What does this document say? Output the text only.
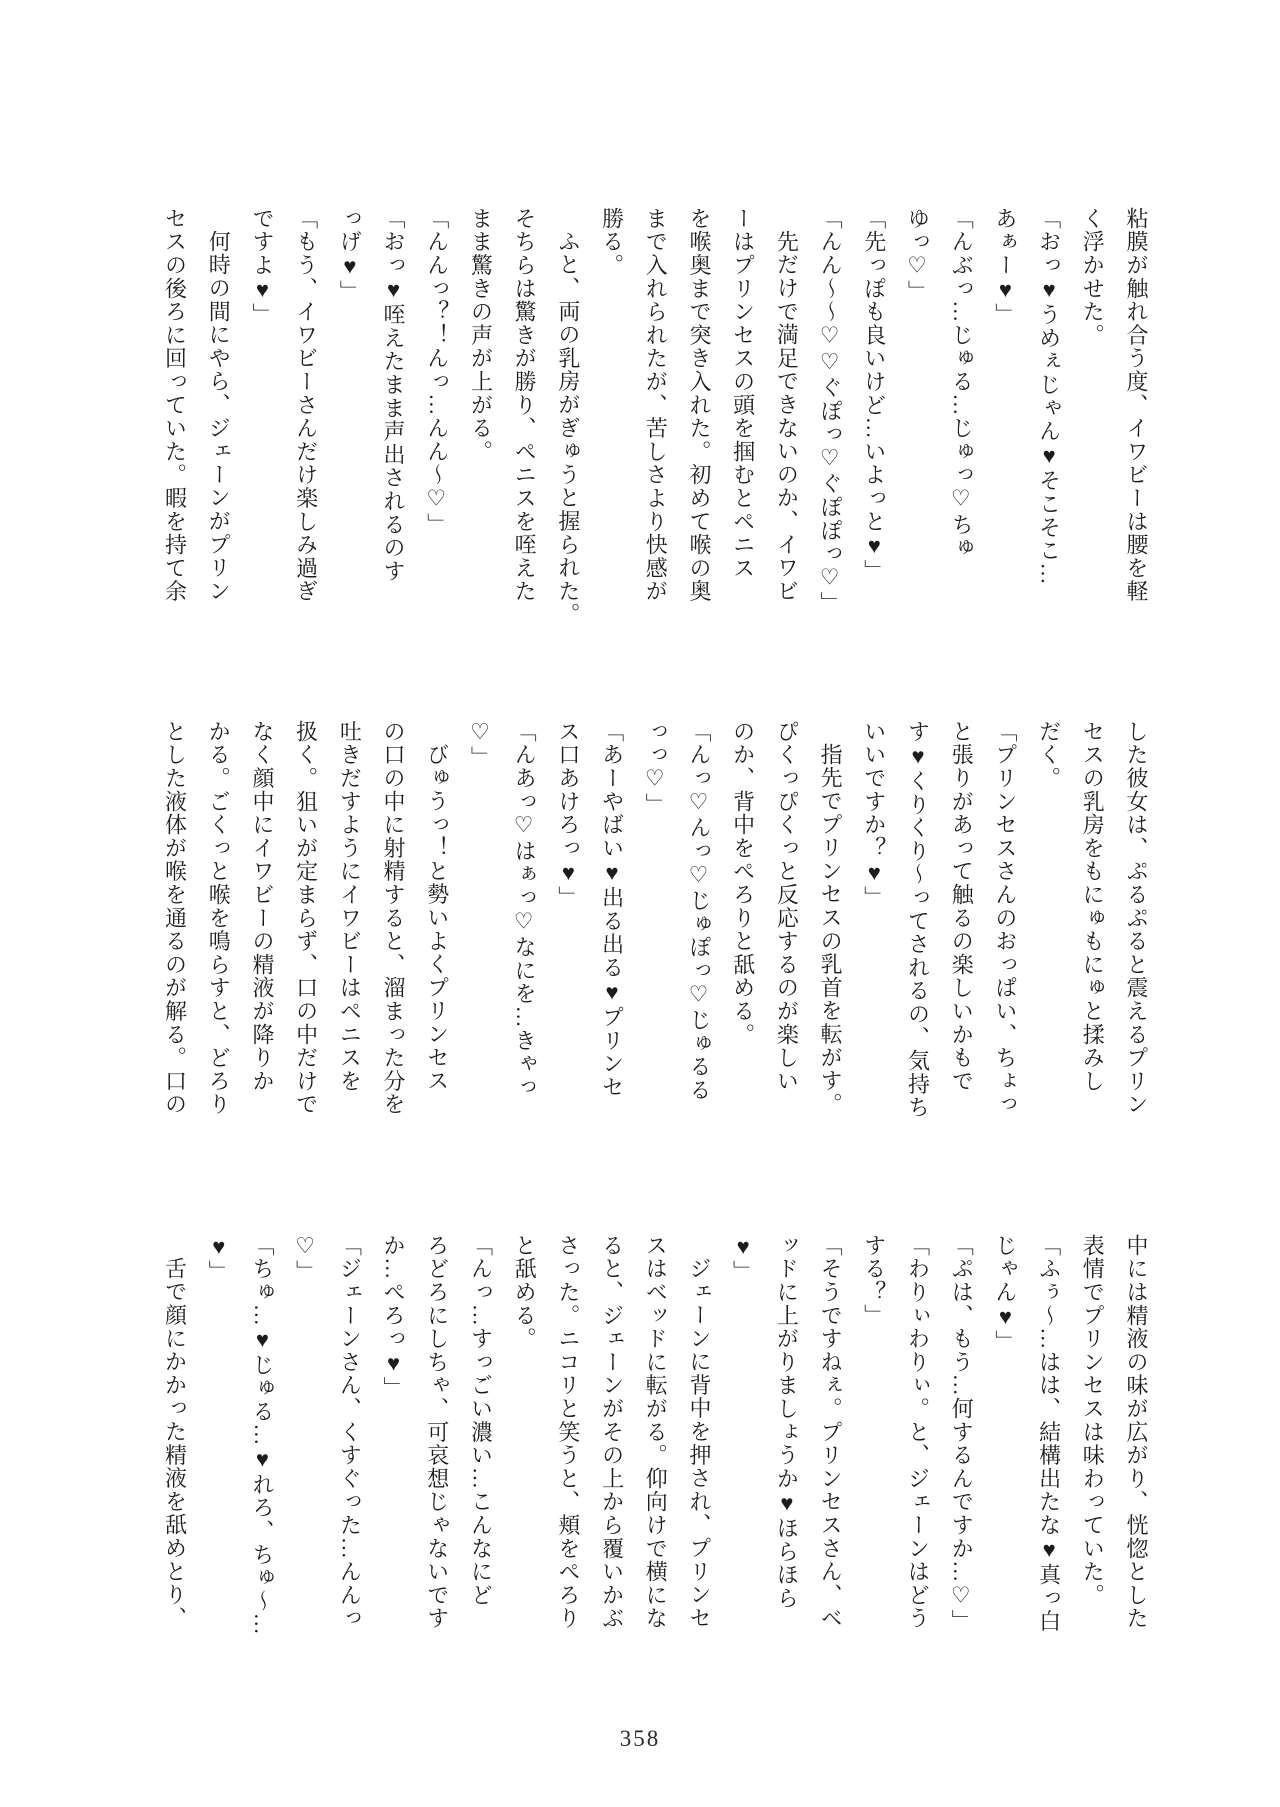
粘膜が触れ合う度、イワビーは腰を軽
く浮かせた。
「おっ♥うめぇじゃん♥そこそこ…
あぁー♥」
「んぶっ…じゅる…じゅっ♡ちゅ
ゆっ♡」
「先っぽも良いけど…いよっと♥」
「んん〜〜♡♡ぐぽっ♡ぐぽぽっ♡」
先だけで満足できないのか、イワビ
ーはプリンセスの頭を掴むとペニス
を喉奥まで突き入れた。初めて喉の奥
まで入れられたが、苦しさより快感が
勝る。
ふと、両の乳房がぎゅうと握られた。
そちらは驚きが勝り、ペニスを咥えた
まま驚きの声が上がる。
「んんっ？！んっ…んん〜♡」
「おっ♥咥えたまま声出されるのす
っげ♥」
「もう、イワビーさんだけ楽しみ過ぎ
ですよ♥」
何時の間にやら、ジェーンがプリン
セスの後ろに回っていた。暇を持て余
した彼女は、ぷるぷると震えるプリン
セスの乳房をもにゅもにゅと揉みし
だく。
「プリンセスさんのおっぱい、ちょっ
と張りがあって触るの楽しいかもで
す♥くりくり〜ってされるの、気持ち
いいですか？♥」
指先でプリンセスの乳首を転がす。
ぴくっぴくっと反応するのが楽しい
のか、背中をぺろりと舐める。
「んっ♡んっ♡じゅぽっ♡じゅるる
っっ♡」
「あーやばい♥出る出る♥プリンセ
ス口あけろっ♥」
「んあっ♡はぁっ♡なにを…きゃっ
♡」
びゅうっ！と勢いよくプリンセス
の口の中に射精すると、溜まった分を
吐きだすようにイワビーはペニスを
扱く。狙いが定まらず、口の中だけで
なく顔中にイワビーの精液が降りか
かる。ごくっと喉を鳴らすと、どろり
とした液体が喉を通るのが解る。口の
中には精液の味が広がり、恍惚とした
表情でプリンセスは味わっていた。
「ふぅ〜…はは、結構出たな♥真っ白
じゃん♥」
「ぷは、もう…何するんですか…♡」
「わりぃわりぃ。と、ジェーンはどう
する？」
「そうですねぇ。プリンセスさん、ベ
ッドに上がりましょうか♥ほらほら
♥」
ジェーンに背中を押され、プリンセ
スはベッドに転がる。仰向けで横にな
ると、ジェーンがその上から覆いかぶ
さった。ニコリと笑うと、頬をぺろり
と舐める。
「んっ…すっごい濃い…こんなにど
ろどろにしちゃ、可哀想じゃないです
か…ぺろっ♥」
「ジェーンさん、くすぐった…んんっ
♡」
「ちゅ…♥じゅる…♥れろ、ちゅ〜…
♥」
舌で顔にかかった精液を舐めとり、
358
